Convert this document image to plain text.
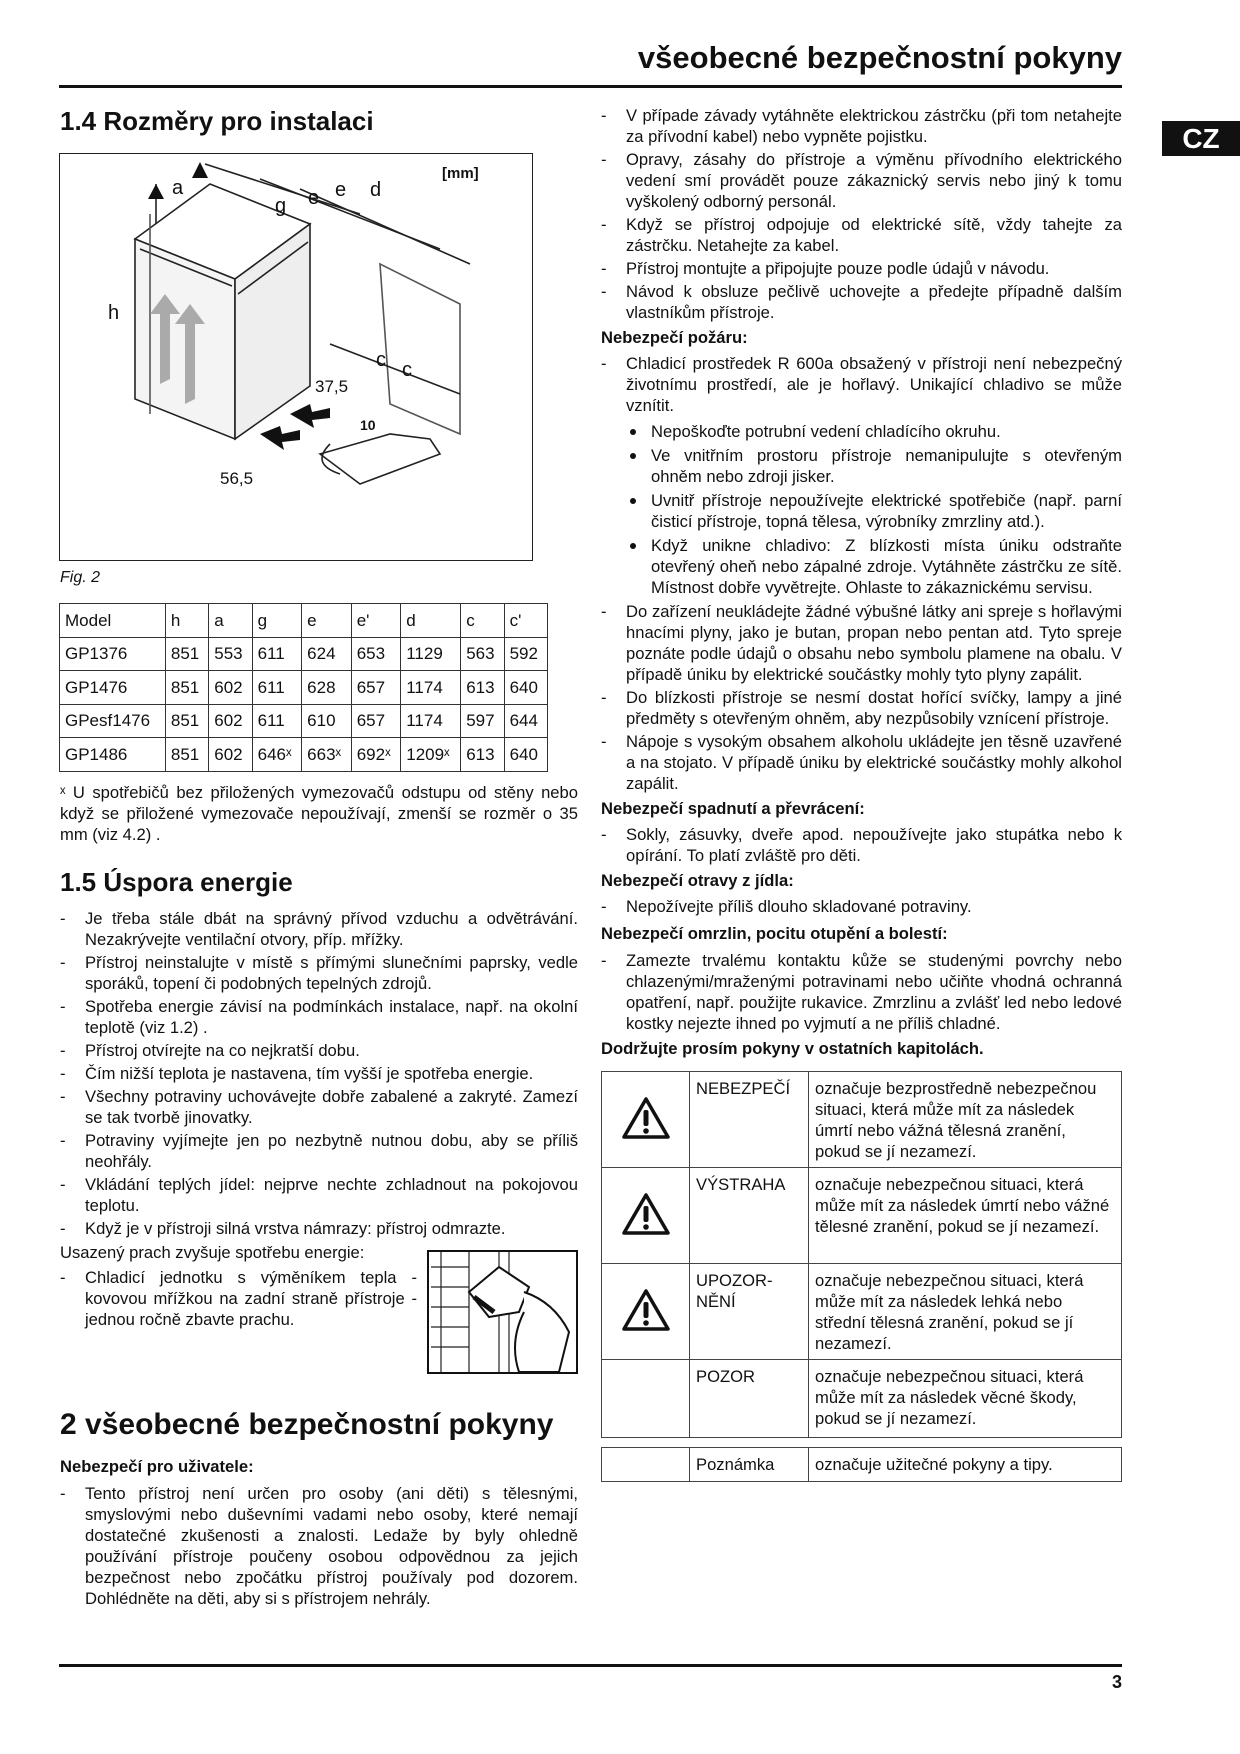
všeobecné bezpečnostní pokyny
CZ
1.4 Rozměry pro instalaci
[mm]
a
g e e d
h
c c
37,5
56,5
10
Fig. 2
Model	h	a	g	e	e'	d	c	c'
GP1376	851	553	611	624	653	1129	563	592
GP1476	851	602	611	628	657	1174	613	640
GPesf1476	851	602	611	610	657	1174	597	644
GP1486	851	602	646ˣ	663ˣ	692ˣ	1209ˣ	613	640
ˣ U spotřebičů bez přiložených vymezovačů odstupu od stěny nebo když se přiložené vymezovače nepoužívají, zmenší se rozměr o 35 mm (viz 4.2) .
1.5 Úspora energie
- Je třeba stále dbát na správný přívod vzduchu a odvětrávání. Nezakrývejte ventilační otvory, příp. mřížky.
- Přístroj neinstalujte v místě s přímými slunečními paprsky, vedle sporáků, topení či podobných tepelných zdrojů.
- Spotřeba energie závisí na podmínkách instalace, např. na okolní teplotě (viz 1.2) .
- Přístroj otvírejte na co nejkratší dobu.
- Čím nižší teplota je nastavena, tím vyšší je spotřeba energie.
- Všechny potraviny uchovávejte dobře zabalené a zakryté. Zamezí se tak tvorbě jinovatky.
- Potraviny vyjímejte jen po nezbytně nutnou dobu, aby se příliš neohřály.
- Vkládání teplých jídel: nejprve nechte zchladnout na pokojovou teplotu.
- Když je v přístroji silná vrstva námrazy: přístroj odmrazte.
Usazený prach zvyšuje spotřebu energie:
- Chladicí jednotku s výměníkem tepla - kovovou mřížkou na zadní straně přístroje - jednou ročně zbavte prachu.
2 všeobecné bezpečnostní pokyny
Nebezpečí pro uživatele:
- Tento přístroj není určen pro osoby (ani děti) s tělesnými, smyslovými nebo duševními vadami nebo osoby, které nemají dostatečné zkušenosti a znalosti. Ledaže by byly ohledně používání přístroje poučeny osobou odpovědnou za jejich bezpečnost nebo zpočátku přístroj používaly pod dozorem. Dohlédněte na děti, aby si s přístrojem nehrály.
- V případe závady vytáhněte elektrickou zástrčku (při tom netahejte za přívodní kabel) nebo vypněte pojistku.
- Opravy, zásahy do přístroje a výměnu přívodního elektrického vedení smí provádět pouze zákaznický servis nebo jiný k tomu vyškolený odborný personál.
- Když se přístroj odpojuje od elektrické sítě, vždy tahejte za zástrčku. Netahejte za kabel.
- Přístroj montujte a připojujte pouze podle údajů v návodu.
- Návod k obsluze pečlivě uchovejte a předejte případně dalším vlastníkům přístroje.
Nebezpečí požáru:
- Chladicí prostředek R 600a obsažený v přístroji není nebezpečný životnímu prostředí, ale je hořlavý. Unikající chladivo se může vznítit.
Nepoškoďte potrubní vedení chladícího okruhu.
Ve vnitřním prostoru přístroje nemanipulujte s otevřeným ohněm nebo zdroji jisker.
Uvnitř přístroje nepoužívejte elektrické spotřebiče (např. parní čisticí přístroje, topná tělesa, výrobníky zmrzliny atd.).
Když unikne chladivo: Z blízkosti místa úniku odstraňte otevřený oheň nebo zápalné zdroje. Vytáhněte zástrčku ze sítě. Místnost dobře vyvětrejte. Ohlaste to zákaznickému servisu.
- Do zařízení neukládejte žádné výbušné látky ani spreje s hořlavými hnacími plyny, jako je butan, propan nebo pentan atd. Tyto spreje poznáte podle údajů o obsahu nebo symbolu plamene na obalu. V případě úniku by elektrické součástky mohly tyto plyny zapálit.
- Do blízkosti přístroje se nesmí dostat hořící svíčky, lampy a jiné předměty s otevřeným ohněm, aby nezpůsobily vznícení přístroje.
- Nápoje s vysokým obsahem alkoholu ukládejte jen těsně uzavřené a na stojato. V případě úniku by elektrické součástky mohly alkohol zapálit.
Nebezpečí spadnutí a převrácení:
- Sokly, zásuvky, dveře apod. nepoužívejte jako stupátka nebo k opírání. To platí zvláště pro děti.
Nebezpečí otravy z jídla:
- Nepožívejte příliš dlouho skladované potraviny.
Nebezpečí omrzlin, pocitu otupění a bolestí:
- Zamezte trvalému kontaktu kůže se studenými povrchy nebo chlazenými/mraženými potravinami nebo učiňte vhodná ochranná opatření, např. použijte rukavice. Zmrzlinu a zvlášť led nebo ledové kostky nejezte ihned po vyjmutí a ne příliš chladné.
Dodržujte prosím pokyny v ostatních kapitolách.
	NEBEZPEČÍ	označuje bezprostředně nebezpečnou situaci, která může mít za následek úmrtí nebo vážná tělesná zranění, pokud se jí nezamezí.
	VÝSTRAHA	označuje nebezpečnou situaci, která může mít za následek úmrtí nebo vážné tělesné zranění, pokud se jí nezamezí.
	UPOZOR-NĚNÍ	označuje nebezpečnou situaci, která může mít za následek lehká nebo střední tělesná zranění, pokud se jí nezamezí.
	POZOR	označuje nebezpečnou situaci, která může mít za následek věcné škody, pokud se jí nezamezí.
	Poznámka	označuje užitečné pokyny a tipy.
3
